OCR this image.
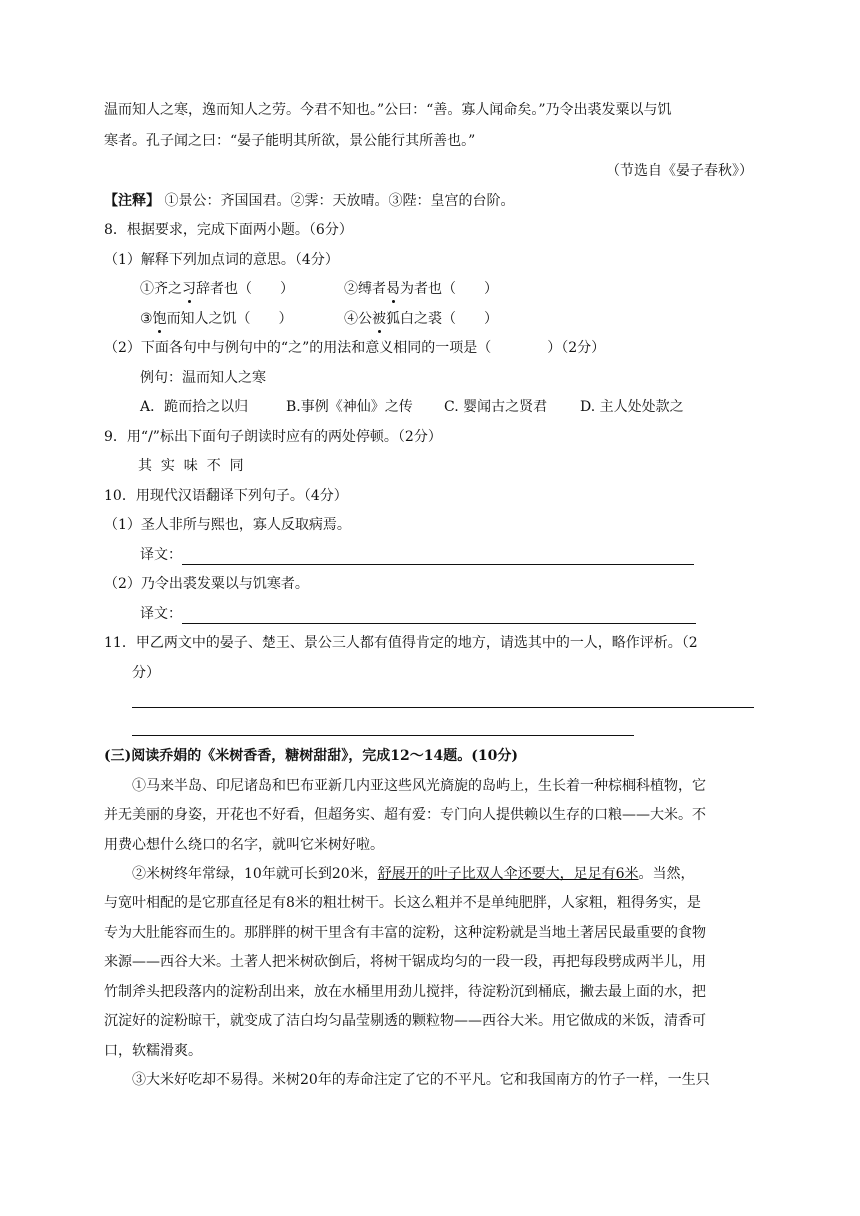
温而知人之寒，逸而知人之劳。今君不知也。”公曰：“善。寡人闻命矣。”乃令出裘发粟以与饥
寒者。孔子闻之曰：“晏子能明其所欲，景公能行其所善也。”
（节选自《晏子春秋》）
【注释】 ①景公：齐国国君。②霁：天放晴。③陛：皇宫的台阶。
8．根据要求，完成下面两小题。（6分）
（1）解释下列加点词的意思。（4分）
①齐之习辞者也（　　）	②缚者曷为者也（　　）
③饱而知人之饥（　　）	④公被狐白之裘（　　）
（2）下面各句中与例句中的“之”的用法和意义相同的一项是（　　　　）（2分）
例句：温而知人之寒
A．跪而拾之以归	B.事例《神仙》之传 C. 婴闻古之贤君 D. 主人处处款之
9．用“/”标出下面句子朗读时应有的两处停顿。（2分）
其  实  味  不  同
10．用现代汉语翻译下列句子。（4分）
（1）圣人非所与熙也，寡人反取病焉。
译文：
（2）乃令出裘发粟以与饥寒者。
译文：
11．甲乙两文中的晏子、楚王、景公三人都有值得肯定的地方，请选其中的一人，略作评析。（2
分）
(三)阅读乔娟的《米树香香，糖树甜甜》，完成12～14题。(10分)
①马来半岛、印尼诸岛和巴布亚新几内亚这些风光旖旎的岛屿上，生长着一种棕榈科植物，它
并无美丽的身姿，开花也不好看，但超务实、超有爱：专门向人提供赖以生存的口粮——大米。不
用费心想什么绕口的名字，就叫它米树好啦。
②米树终年常绿，10年就可长到20米，舒展开的叶子比双人伞还要大，足足有6米。当然，
与宽叶相配的是它那直径足有8米的粗壮树干。长这么粗并不是单纯肥胖，人家粗，粗得务实，是
专为大肚能容而生的。那胖胖的树干里含有丰富的淀粉，这种淀粉就是当地土著居民最重要的食物
来源——西谷大米。土著人把米树砍倒后，将树干锯成均匀的一段一段，再把每段劈成两半儿，用
竹制斧头把段落内的淀粉刮出来，放在水桶里用劲儿搅拌，待淀粉沉到桶底，撇去最上面的水，把
沉淀好的淀粉晾干，就变成了洁白均匀晶莹剔透的颗粒物——西谷大米。用它做成的米饭，清香可
口，软糯滑爽。
③大米好吃却不易得。米树20年的寿命注定了它的不平凡。它和我国南方的竹子一样，一生只
